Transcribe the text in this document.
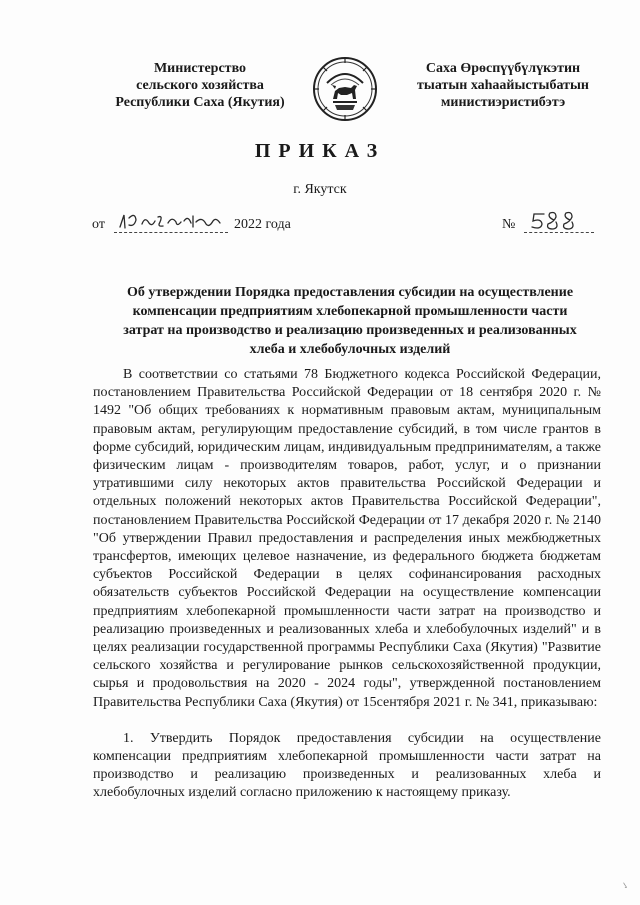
Министерство
сельского хозяйства
Республики Саха (Якутия)
Саха Өрөспүүбүлүкэтин
тыатын хаһаайыстыбатын
министиэристибэтэ
ПРИКАЗ
г. Якутск
от	2022 года	№
Об утверждении Порядка предоставления субсидии на осуществление
компенсации предприятиям хлебопекарной промышленности части
затрат на производство и реализацию произведенных и реализованных
хлеба и хлебобулочных изделий

В соответствии со статьями 78 Бюджетного кодекса Российской Федерации, постановлением Правительства Российской Федерации от 18 сентября 2020 г. № 1492 "Об общих требованиях к нормативным правовым актам, муниципальным правовым актам, регулирующим предоставление субсидий, в том числе грантов в форме субсидий, юридическим лицам, индивидуальным предпринимателям, а также физическим лицам - производителям товаров, работ, услуг, и о признании утратившими силу некоторых актов правительства Российской Федерации и отдельных положений некоторых актов Правительства Российской Федерации", постановлением Правительства Российской Федерации от 17 декабря 2020 г. № 2140 "Об утверждении Правил предоставления и распределения иных межбюджетных трансфертов, имеющих целевое назначение, из федерального бюджета бюджетам субъектов Российской Федерации в целях софинансирования расходных обязательств субъектов Российской Федерации на осуществление компенсации предприятиям хлебопекарной промышленности части затрат на производство и реализацию произведенных и реализованных хлеба и хлебобулочных изделий" и в целях реализации государственной программы Республики Саха (Якутия) "Развитие сельского хозяйства и регулирование рынков сельскохозяйственной продукции, сырья и продовольствия на 2020 - 2024 годы", утвержденной постановлением Правительства Республики Саха (Якутия) от 15сентября 2021 г. № 341, приказываю:

1. Утвердить Порядок предоставления субсидии на осуществление компенсации предприятиям хлебопекарной промышленности части затрат на производство и реализацию произведенных и реализованных хлеба и хлебобулочных изделий согласно приложению к настоящему приказу.

✓
